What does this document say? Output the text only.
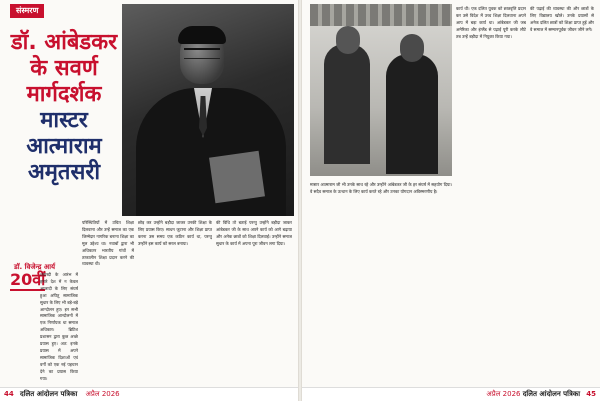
संस्मरण
डॉ. आंबेडकर के सवर्ण मार्गदर्शक
मास्टर आत्माराम अमृतसरी
डॉ. विजेन्द्र आर्य
20वीं

शताब्दी के आरंभ में हमारे देश में न केवल आजादी के लिए संघर्ष हुआ अपितु सामाजिक सुधार के लिए भी बड़े-बड़े आन्दोलन हुए। इन सभी सामाजिक आन्दोलनों में एक निर्णायक था समाज अधिकार। ब्रिटिश प्रशासन द्वारा कुछ अच्छे प्रयास हुए। अत: इनके प्रयास में अपने सामाजिक दिशाओं एवं वर्गों को एक नई पहचान देने का प्रयास किया गया।

परिस्थितियों में उचित शिक्षा दिलवाना और उन्हें समाज का एक जिम्मेदार नागरिक बनाना शिक्षा का मूल उद्देश्य था। नवाबों द्वारा भी अधिकतर भारतीय गांवों में तत्कालीन शिक्षा प्रदान करने की व्यवस्था थी।

छोड़ कर उन्होंने बड़ौदा जाकर उनकी शिक्षा के लिए प्रयास किए। साधन जुटाना और शिक्षा प्राप्त करना उस समय एक कठिन कार्य था, परन्तु उन्होंने इस कार्य को सरल बनाया।

की विधि तो बताई परन्तु उन्होंने बड़ौदा जाकर आंबेडकर जी के साथ अपने कार्य को आगे बढ़ाया और अनेक छात्रों को शिक्षा दिलवाई। उन्होंने समाज सुधार के कार्य में अपना पूरा जीवन लगा दिया।

44 दलित आंदोलन पत्रिका अप्रैल 2026

कार्य थी। एक दलित युवक को छात्रवृत्ति प्रदान कर उसे विदेश में उच्च शिक्षा दिलवाना अपने आप में बड़ा कार्य था। आंबेडकर जी जब अमेरिका और इंग्लैंड से पढ़ाई पूरी करके लौटे तब उन्हें बड़ौदा में नियुक्त किया गया।

मास्टर आत्माराम जी भी उनके साथ रहे और उन्होंने आंबेडकर जी के हर संघर्ष में सहयोग दिया। वे सदैव समाज के उत्थान के लिए कार्य करते रहे और उनका योगदान अविस्मरणीय है।

की पढ़ाई की व्यवस्था की और छात्रों के लिए विद्यालय खोले। उनके प्रयासों से अनेक दलित छात्रों को शिक्षा प्राप्त हुई और वे समाज में सम्मानपूर्वक जीवन जीने लगे।

अप्रैल 2026 दलित आंदोलन पत्रिका 45
